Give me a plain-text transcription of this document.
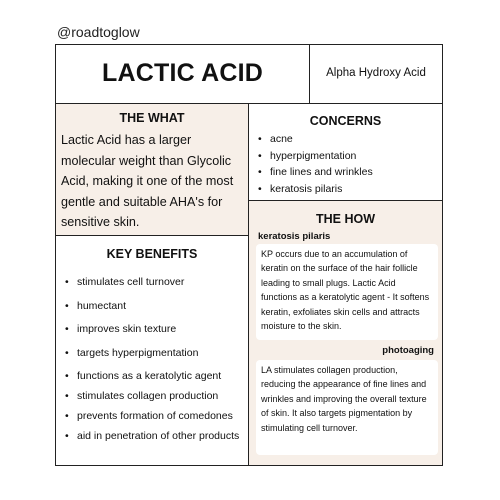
@roadtoglow
LACTIC ACID	Alpha Hydroxy Acid
THE WHAT
Lactic Acid has a larger molecular weight than Glycolic Acid, making it one of the most gentle and suitable AHA's for sensitive skin.
CONCERNS
• acne
• hyperpigmentation
• fine lines and wrinkles
• keratosis pilaris
KEY BENEFITS
• stimulates cell turnover
• humectant
• improves skin texture
• targets hyperpigmentation
• functions as a keratolytic agent
• stimulates collagen production
• prevents formation of comedones
• aid in penetration of other products
THE HOW
keratosis pilaris
KP occurs due to an accumulation of keratin on the surface of the hair follicle leading to small plugs. Lactic Acid functions as a keratolytic agent - It softens keratin, exfoliates skin cells and attracts moisture to the skin.
photoaging
LA stimulates collagen production, reducing the appearance of fine lines and wrinkles and improving the overall texture of skin. It also targets pigmentation by stimulating cell turnover.
